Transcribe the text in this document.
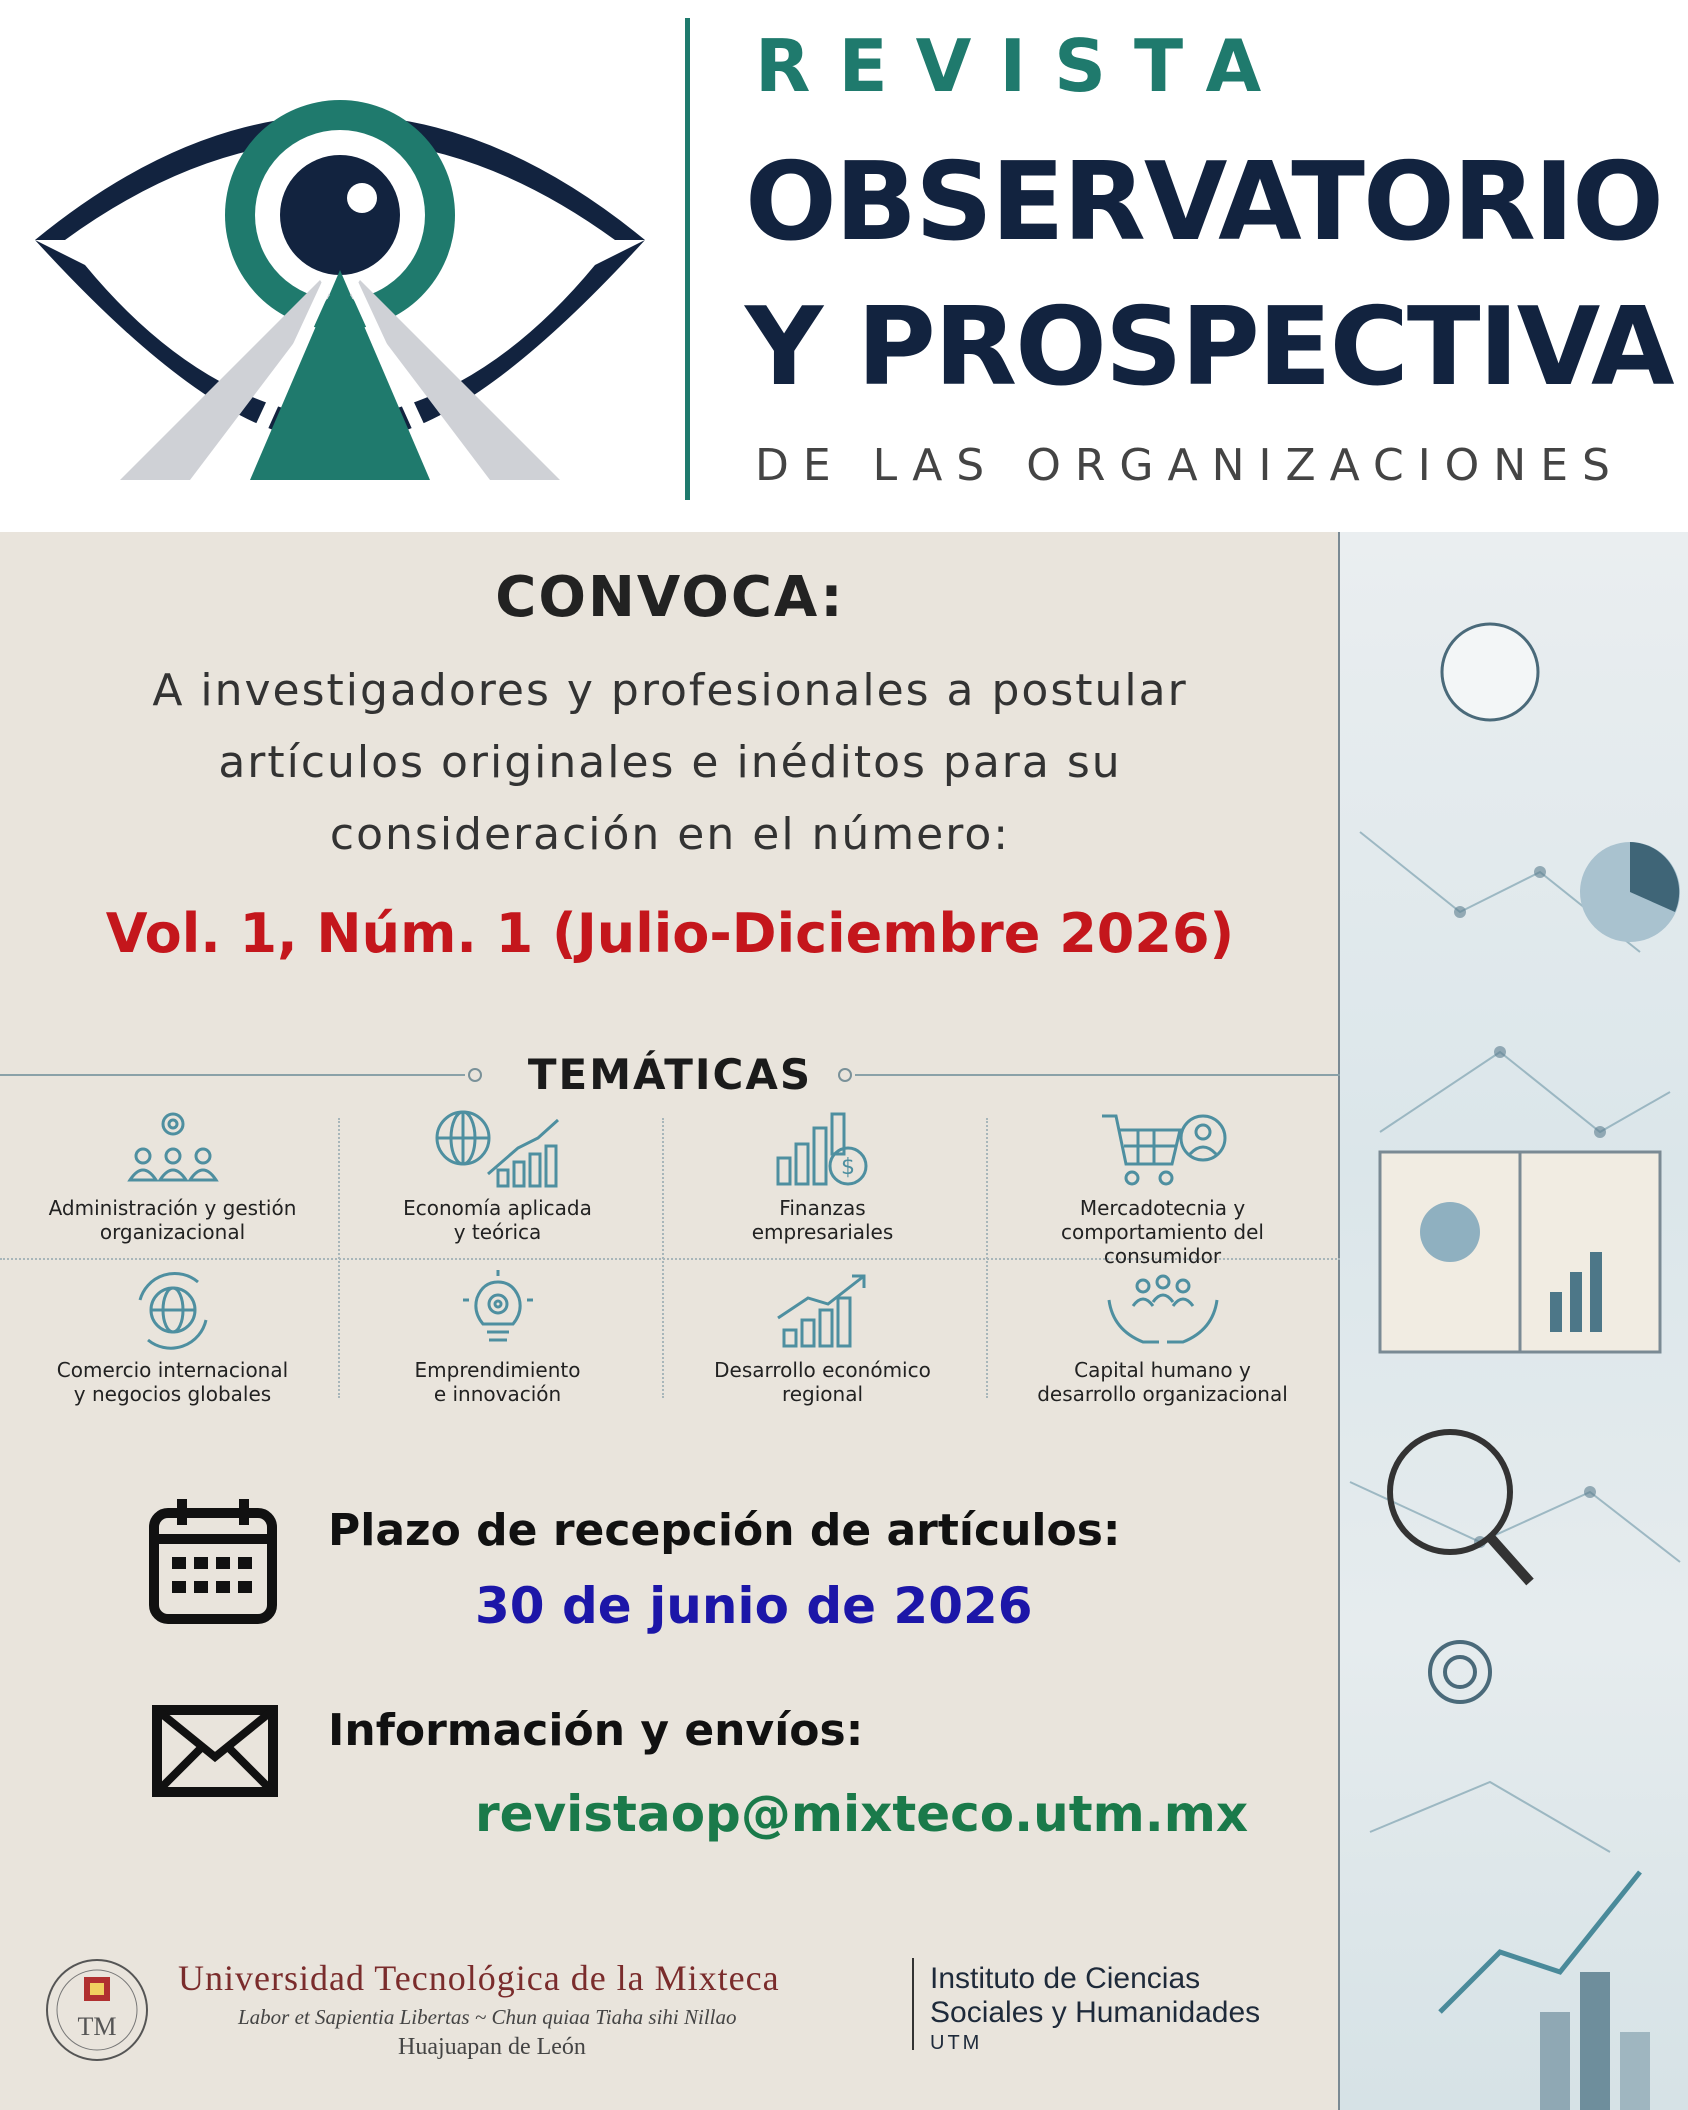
REVISTA
OBSERVATORIO
Y PROSPECTIVA
DE LAS ORGANIZACIONES
CONVOCA:
A investigadores y profesionales a postular
artículos originales e inéditos para su
consideración en el número:
Vol. 1, Núm. 1 (Julio-Diciembre 2026)
TEMÁTICAS
Administración y gestión
organizacional
Economía aplicada
y teórica
$
Finanzas
empresariales
Mercadotecnia y
comportamiento del consumidor
Comercio internacional
y negocios globales
Emprendimiento
e innovación
Desarrollo económico
regional
Capital humano y
desarrollo organizacional
Plazo de recepción de artículos:
30 de junio de 2026
Información y envíos:
revistaop@mixteco.utm.mx
TM
Universidad Tecnológica de la Mixteca
Labor et Sapientia Libertas ~ Chun quiaa Tiaha sihi Nillao
Huajuapan de León
Instituto de Ciencias
Sociales y Humanidades
UTM
